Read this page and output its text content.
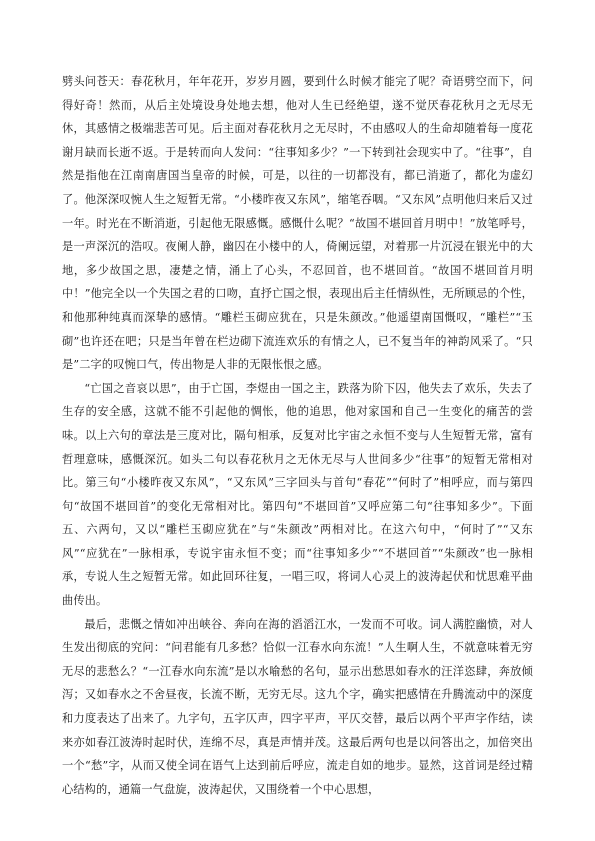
劈头问苍天：春花秋月，年年花开，岁岁月圆，要到什么时候才能完了呢？奇语劈空而下，问得好奇！然而，从后主处境设身处地去想，他对人生已经绝望，遂不觉厌春花秋月之无尽无休，其感情之极端悲苦可见。后主面对春花秋月之无尽时，不由感叹人的生命却随着每一度花谢月缺而长逝不返。于是转而向人发问：“往事知多少？”一下转到社会现实中了。“往事”，自然是指他在江南南唐国当皇帝的时候，可是，以往的一切都没有，都已消逝了，都化为虚幻了。他深深叹惋人生之短暂无常。“小楼昨夜又东风”，缩笔吞咽。“又东风”点明他归来后又过一年。时光在不断消逝，引起他无限感慨。感慨什么呢？“故国不堪回首月明中！”放笔呼号，是一声深沉的浩叹。夜阑人静，幽囚在小楼中的人，倚阑远望，对着那一片沉浸在银光中的大地，多少故国之思，凄楚之情，涌上了心头，不忍回首，也不堪回首。“故国不堪回首月明中！”他完全以一个失国之君的口吻，直抒亡国之恨，表现出后主任情纵性，无所顾忌的个性，和他那种纯真而深挚的感情。“雕栏玉砌应犹在，只是朱颜改。”他遥望南国慨叹，“雕栏”“玉砌”也许还在吧；只是当年曾在栏边砌下流连欢乐的有情之人，已不复当年的神韵风采了。“只是”二字的叹惋口气，传出物是人非的无限怅恨之感。

“亡国之音哀以思”，由于亡国，李煜由一国之主，跌落为阶下囚，他失去了欢乐，失去了生存的安全感，这就不能不引起他的惆怅，他的追思，他对家国和自己一生变化的痛苦的尝味。以上六句的章法是三度对比，隔句相承，反复对比宇宙之永恒不变与人生短暂无常，富有哲理意味，感慨深沉。如头二句以春花秋月之无休无尽与人世间多少“往事”的短暂无常相对比。第三句“小楼昨夜又东风”，“又东风”三字回头与首句“春花”“何时了”相呼应，而与第四句“故国不堪回首”的变化无常相对比。第四句“不堪回首”又呼应第二句“往事知多少”。下面五、六两句，又以“雕栏玉砌应犹在”与“朱颜改”两相对比。在这六句中，“何时了”“又东风”“应犹在”一脉相承，专说宇宙永恒不变；而“往事知多少”“不堪回首”“朱颜改”也一脉相承，专说人生之短暂无常。如此回环往复，一唱三叹，将词人心灵上的波涛起伏和忧思难平曲曲传出。

最后，悲慨之情如冲出峡谷、奔向在海的滔滔江水，一发而不可收。词人满腔幽愤，对人生发出彻底的究问：“问君能有几多愁？恰似一江春水向东流！”人生啊人生，不就意味着无穷无尽的悲愁么？“一江春水向东流”是以水喻愁的名句，显示出愁思如春水的汪洋恣肆，奔放倾泻；又如春水之不舍昼夜，长流不断，无穷无尽。这九个字，确实把感情在升腾流动中的深度和力度表达了出来了。九字句，五字仄声，四字平声，平仄交替，最后以两个平声字作结，读来亦如春江波涛时起时伏，连绵不尽，真是声情并茂。这最后两句也是以问答出之，加倍突出 一个“愁”字，从而又使全词在语气上达到前后呼应，流走自如的地步。显然，这首词是经过精心结构的，通篇一气盘旋，波涛起伏，又围绕着一个中心思想，
